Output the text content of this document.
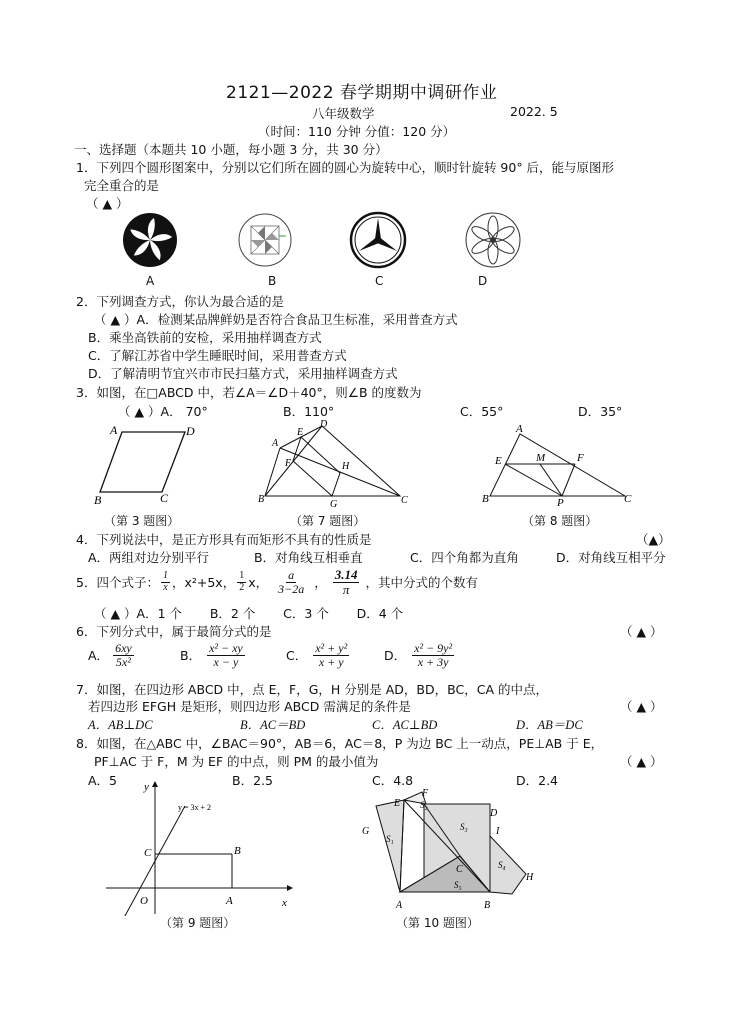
2121—2022 春学期期中调研作业
八年级数学	2022. 5
（时间：110 分钟 分值：120 分）
一、选择题（本题共 10 小题，每小题 3 分，共 30 分）
1．下列四个圆形图案中，分别以它们所在圆的圆心为旋转中心，顺时针旋转 90° 后，能与原图形
完全重合的是
（ ▲ ）
A	B	C	D
2．下列调查方式，你认为最合适的是
（ ▲ ）A．检测某品牌鲜奶是否符合食品卫生标准，采用普查方式
B．乘坐高铁前的安检，采用抽样调查方式
C．了解江苏省中学生睡眠时间，采用普查方式
D．了解清明节宜兴市市民扫墓方式，采用抽样调查方式
3．如图，在□ABCD 中，若∠A＝∠D＋40°，则∠B 的度数为
（ ▲ ）A． 70°	B．110°	C．55°	D．35°
A	D
B	C
A
E
D
F	H
B	G	C
A
E	M	F
B	P	C
（第 3 题图）	（第 7 题图）	（第 8 题图）
4．下列说法中，是正方形具有而矩形不具有的性质是	（▲）
A．两组对边分别平行	B．对角线互相垂直	C．四个角都为直角	D．对角线互相平分
5．四个式子： $\frac{1}{x}$ ，x²+5x， $\frac{1}{2}$ x， $\frac{a}{3-2a}$ ， $\frac{3.14}{\pi}$ ，其中分式的个数有
（ ▲ ）A．1 个       B．2 个       C．3 个       D．4 个
6．下列分式中，属于最简分式的是	（ ▲ ）
A． $\frac{6xy}{\text{5x²}}$	B． $\frac{\text{x² − xy}}{x - y}$	C． $\frac{\text{x² + y²}}{x + y}$	D． $\frac{\text{x² − 9y²}}{x + 3y}$
7．如图，在四边形 ABCD 中，点 E，F，G，H 分别是 AD，BD，BC，CA 的中点，
若四边形 EFGH 是矩形，则四边形 ABCD 需满足的条件是	（ ▲ ）
A．AB⊥DC	B．AC＝BD	C．AC⊥BD	D．AB＝DC
8．如图，在△ABC 中，∠BAC＝90°，AB＝6，AC＝8，P 为边 BC 上一动点，PE⊥AB 于 E，
PF⊥AC 于 F，M 为 EF 的中点，则 PM 的最小值为	（ ▲ ）
A．5	B．2.5	C．4.8	D．2.4
y = 3x + 2
y
x
O	A
B
C
（第 9 题图）
E
F
D
G	I
H
C
A	B
S₁
S₂
S₃
S₄
S₅
（第 10 题图）
